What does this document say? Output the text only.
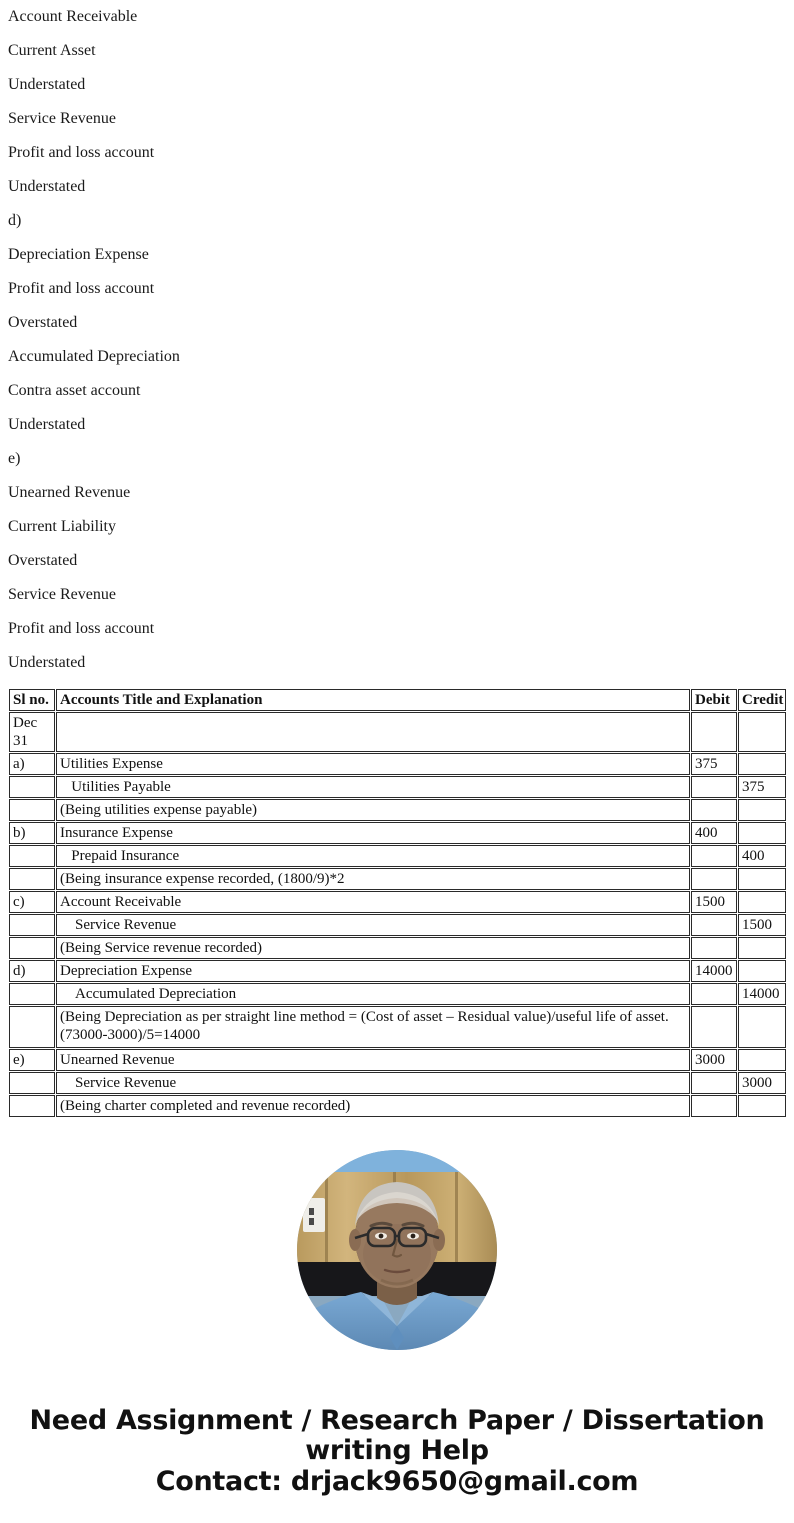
Account Receivable

Current Asset

Understated

Service Revenue

Profit and loss account

Understated

d)

Depreciation Expense

Profit and loss account

Overstated

Accumulated Depreciation

Contra asset account

Understated

e)

Unearned Revenue

Current Liability

Overstated

Service Revenue

Profit and loss account

Understated

Sl no.	Accounts Title and Explanation	Debit	Credit
Dec 31			
a)	Utilities Expense	375	
	Utilities Payable		375
	(Being utilities expense payable)		
b)	Insurance Expense	400	
	Prepaid Insurance		400
	(Being insurance expense recorded, (1800/9)*2		
c)	Account Receivable	1500	
	Service Revenue		1500
	(Being Service revenue recorded)		
d)	Depreciation Expense	14000	
	Accumulated Depreciation		14000
	(Being Depreciation as per straight line method = (Cost of asset – Residual value)/useful life of asset. (73000-3000)/5=14000		
e)	Unearned Revenue	3000	
	Service Revenue		3000
	(Being charter completed and revenue recorded)		
Need Assignment / Research Paper / Dissertation
writing Help
Contact: drjack9650@gmail.com
